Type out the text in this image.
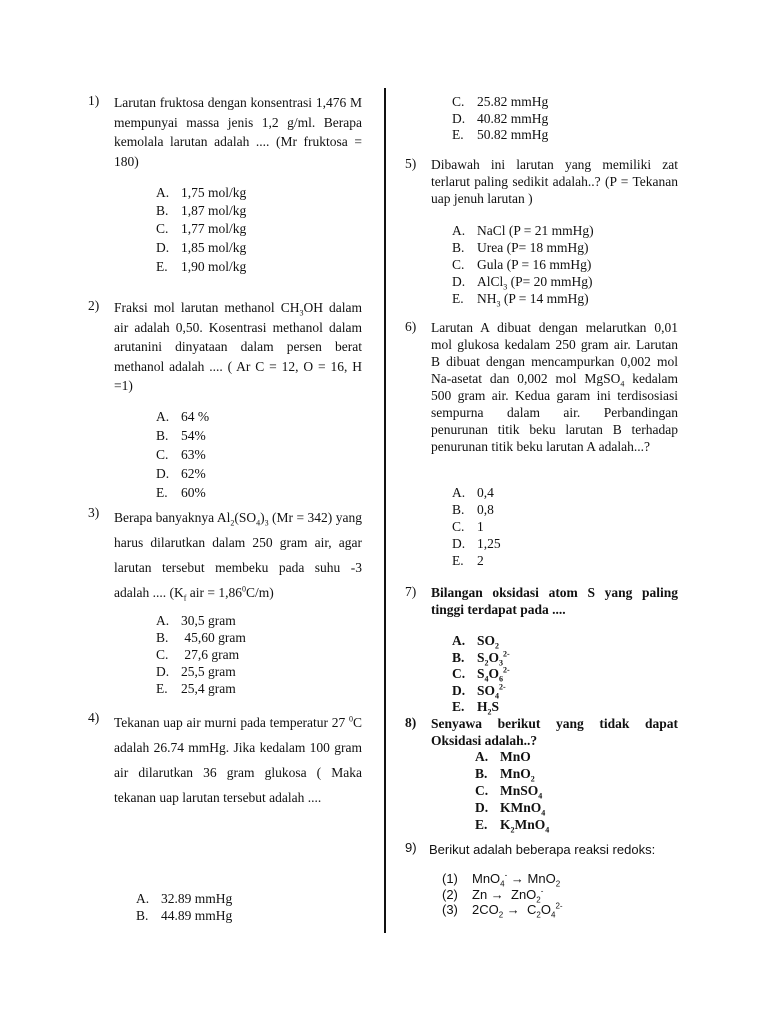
1) Larutan fruktosa dengan konsentrasi 1,476 M mempunyai massa jenis 1,2 g/ml. Berapa kemolala larutan adalah .... (Mr fruktosa = 180)
A. 1,75 mol/kg
B. 1,87 mol/kg
C. 1,77 mol/kg
D. 1,85 mol/kg
E. 1,90 mol/kg
2) Fraksi mol larutan methanol $CH_3OH$ dalam air adalah 0,50. Kosentrasi methanol dalam arutanini dinyataan dalam persen berat methanol adalah .... ( Ar C = 12, O = 16, H =1)
A. 64 %
B. 54%
C. 63%
D. 62%
E. 60%
3) Berapa banyaknya $Al_2(SO_4)_3$ (Mr = 342) yang harus dilarutkan dalam 250 gram air, agar larutan tersebut membeku pada suhu -3 adalah .... ($K_f$ air = $1,86^0C/m$)
A. 30,5 gram
B. 45,60 gram
C. 27,6 gram
D. 25,5 gram
E. 25,4 gram
4) Tekanan uap air murni pada temperatur 27 $^0$C adalah 26.74 mmHg. Jika kedalam 100 gram air dilarutkan 36 gram glukosa ( Maka tekanan uap larutan tersebut adalah ....
A. 32.89 mmHg
B. 44.89 mmHg
C. 25.82 mmHg
D. 40.82 mmHg
E. 50.82 mmHg
5) Dibawah ini larutan yang memiliki zat terlarut paling sedikit adalah..? (P = Tekanan uap jenuh larutan )
A. NaCl (P = 21 mmHg)
B. Urea (P= 18 mmHg)
C. Gula (P = 16 mmHg)
D. AlCl$_3$ (P= 20 mmHg)
E. $NH_3$ (P = 14 mmHg)
6) Larutan A dibuat dengan melarutkan 0,01 mol glukosa kedalam 250 gram air. Larutan B dibuat dengan mencampurkan 0,002 mol Na-asetat dan 0,002 mol MgSO$_4$ kedalam 500 gram air. Kedua garam ini terdisosiasi sempurna dalam air. Perbandingan penurunan titik beku larutan B terhadap penurunan titik beku larutan A adalah...?
A. 0,4
B. 0,8
C. 1
D. 1,25
E. 2
7) Bilangan oksidasi atom S yang paling tinggi terdapat pada ....
A. $SO_2$
B. $S_2O_3^{2-}$
C. $S_4O_6^{2-}$
D. $SO_4^{2-}$
E. $H_2S$
8) Senyawa berikut yang tidak dapat Oksidasi adalah..?
A. MnO
B. MnO$_2$
C. MnSO$_4$
D. KMnO$_4$
E. $K_2MnO_4$
9) Berikut adalah beberapa reaksi redoks:
(1)	MnO$_4$- → MnO$_2$
(2)	Zn →  ZnO$_2$-
(3)	$2CO_2 \to C_2O_4^{2-}$
